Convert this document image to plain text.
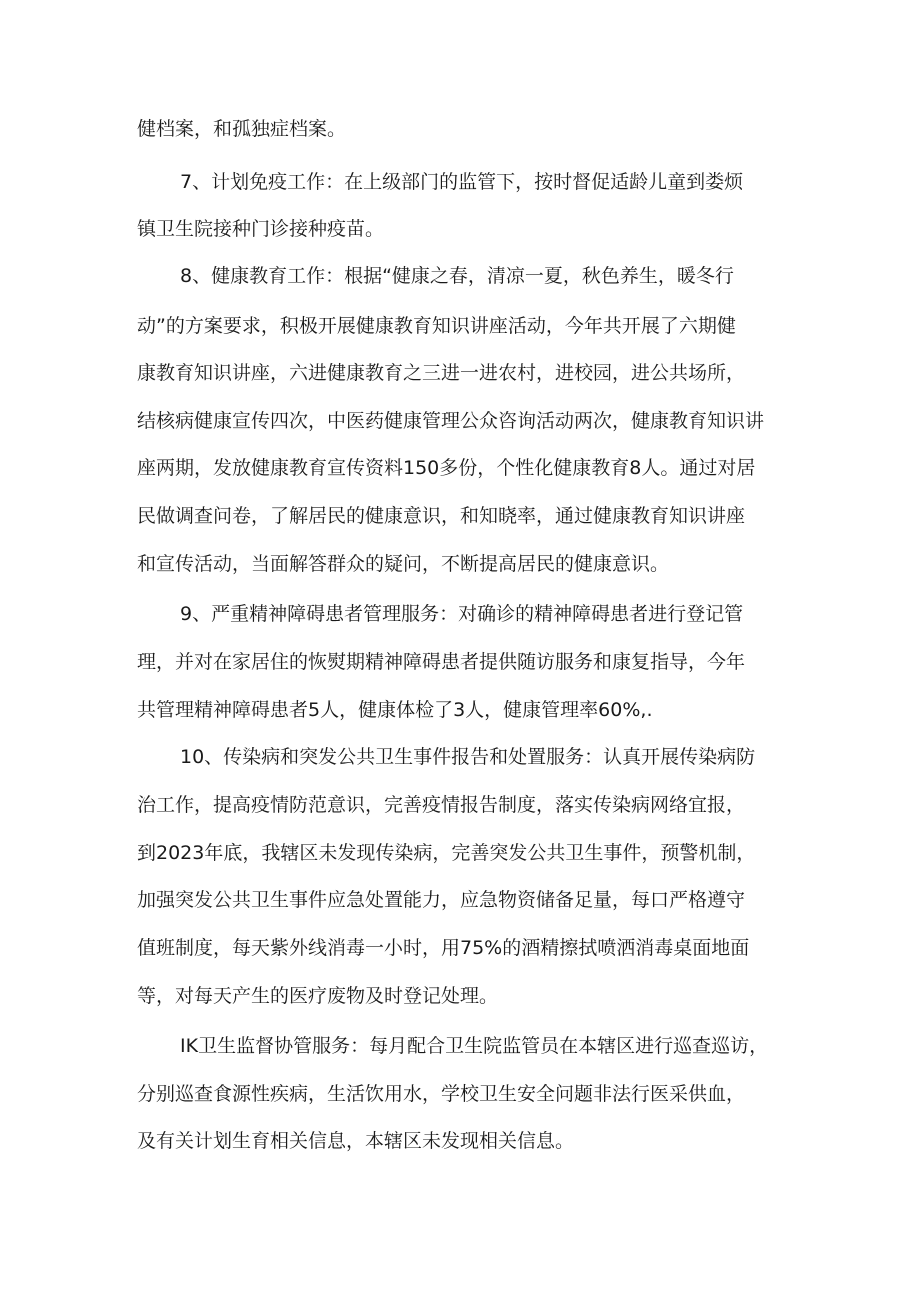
健档案，和孤独症档案。
7、计划免疫工作：在上级部门的监管下，按时督促适龄儿童到娄烦
镇卫生院接种门诊接种疫苗。
8、健康教育工作：根据“健康之春，清凉一夏，秋色养生，暖冬行
动”的方案要求，积极开展健康教育知识讲座活动，今年共开展了六期健
康教育知识讲座，六进健康教育之三进一进农村，进校园，进公共场所，
结核病健康宣传四次，中医药健康管理公众咨询活动两次，健康教育知识讲
座两期，发放健康教育宣传资料150多份，个性化健康教育8人。通过对居
民做调查问卷，了解居民的健康意识，和知晓率，通过健康教育知识讲座
和宣传活动，当面解答群众的疑问，不断提高居民的健康意识。
9、严重精神障碍患者管理服务：对确诊的精神障碍患者进行登记管
理，并对在家居住的恢熨期精神障碍患者提供随访服务和康复指导，今年
共管理精神障碍患者5人，健康体检了3人，健康管理率60%,.
10、传染病和突发公共卫生事件报告和处置服务：认真开展传染病防
治工作，提高疫情防范意识，完善疫情报告制度，落实传染病网络宜报，
到2023年底，我辖区未发现传染病，完善突发公共卫生事件，预警机制，
加强突发公共卫生事件应急处置能力，应急物资储备足量，每口严格遵守
值班制度，每天紫外线消毒一小时，用75%的酒精擦拭喷洒消毒桌面地面
等，对每天产生的医疗废物及时登记处理。
IK卫生监督协管服务：每月配合卫生院监管员在本辖区进行巡查巡访，
分别巡查食源性疾病，生活饮用水，学校卫生安全问题非法行医采供血，
及有关计划生育相关信息，本辖区未发现相关信息。
